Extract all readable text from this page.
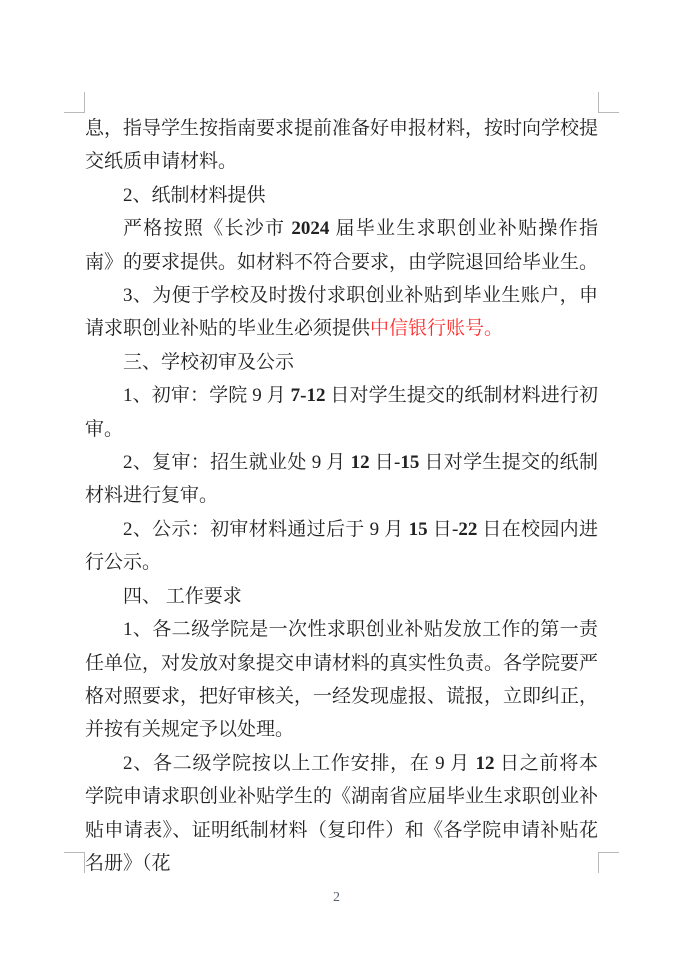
息，指导学生按指南要求提前准备好申报材料，按时向学校提交纸质申请材料。

2、纸制材料提供

严格按照《长沙市 2024 届毕业生求职创业补贴操作指南》的要求提供。如材料不符合要求，由学院退回给毕业生。

3、为便于学校及时拨付求职创业补贴到毕业生账户，申请求职创业补贴的毕业生必须提供中信银行账号。

三、学校初审及公示

1、初审：学院 9 月 7-12 日对学生提交的纸制材料进行初审。

2、复审：招生就业处 9 月 12 日-15 日对学生提交的纸制材料进行复审。

2、公示：初审材料通过后于 9 月 15 日-22 日在校园内进行公示。

四、 工作要求

1、各二级学院是一次性求职创业补贴发放工作的第一责任单位，对发放对象提交申请材料的真实性负责。各学院要严格对照要求，把好审核关，一经发现虚报、谎报，立即纠正，并按有关规定予以处理。

2、各二级学院按以上工作安排，在 9 月 12 日之前将本学院申请求职创业补贴学生的《湖南省应届毕业生求职创业补贴申请表》、证明纸制材料（复印件）和《各学院申请补贴花名册》（花

2
